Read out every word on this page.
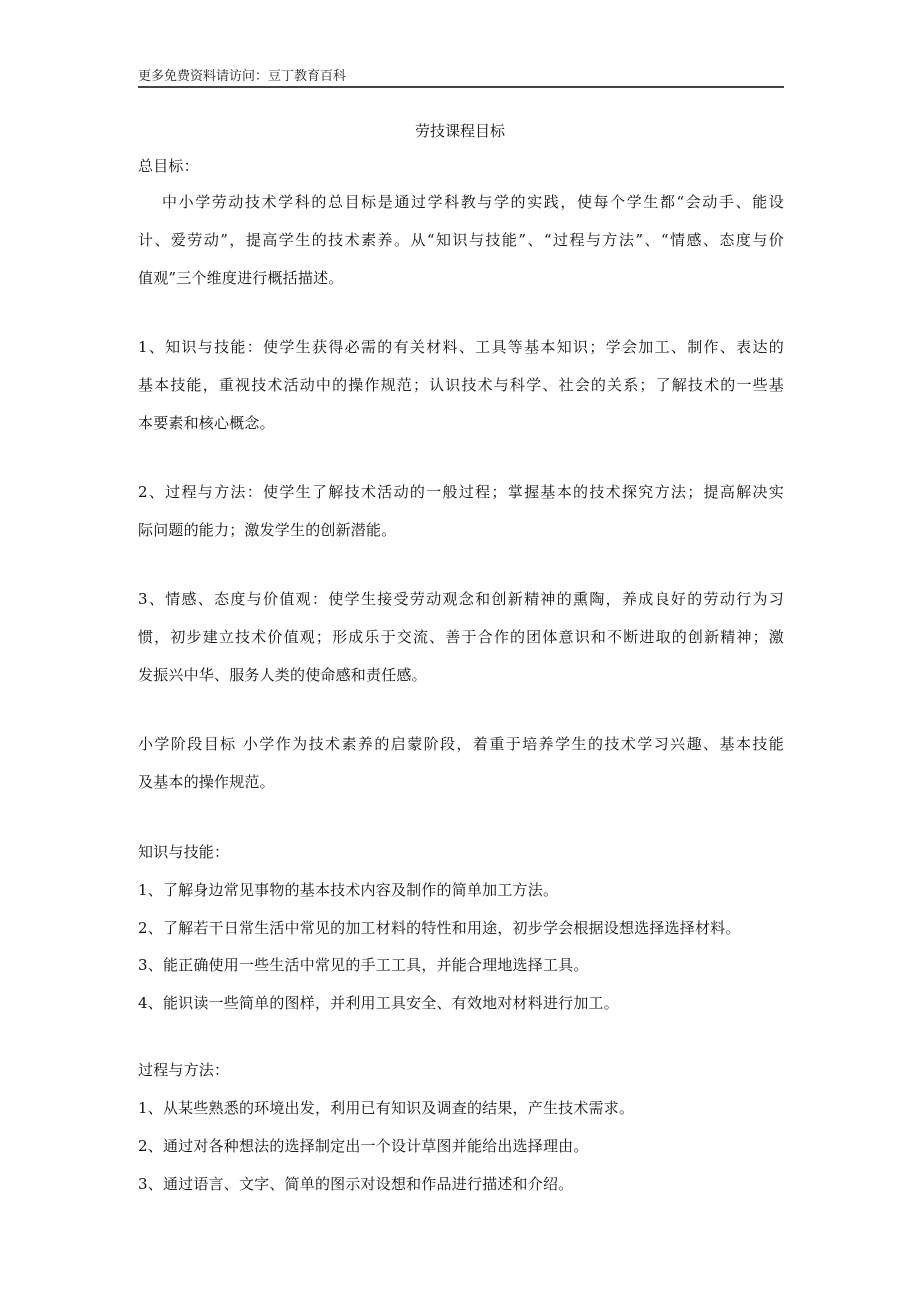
更多免费资料请访问：豆丁教育百科
劳技课程目标
总目标：
中小学劳动技术学科的总目标是通过学科教与学的实践，使每个学生都“会动手、能设
计、爱劳动”，提高学生的技术素养。从“知识与技能”、“过程与方法”、“情感、态度与价
值观”三个维度进行概括描述。
1、知识与技能：使学生获得必需的有关材料、工具等基本知识；学会加工、制作、表达的
基本技能，重视技术活动中的操作规范；认识技术与科学、社会的关系；了解技术的一些基
本要素和核心概念。
2、过程与方法：使学生了解技术活动的一般过程；掌握基本的技术探究方法；提高解决实
际问题的能力；激发学生的创新潜能。
3、情感、态度与价值观：使学生接受劳动观念和创新精神的熏陶，养成良好的劳动行为习
惯，初步建立技术价值观；形成乐于交流、善于合作的团体意识和不断进取的创新精神；激
发振兴中华、服务人类的使命感和责任感。
小学阶段目标 小学作为技术素养的启蒙阶段，着重于培养学生的技术学习兴趣、基本技能
及基本的操作规范。
知识与技能：
1、了解身边常见事物的基本技术内容及制作的简单加工方法。
2、了解若干日常生活中常见的加工材料的特性和用途，初步学会根据设想选择选择材料。
3、能正确使用一些生活中常见的手工工具，并能合理地选择工具。
4、能识读一些简单的图样，并利用工具安全、有效地对材料进行加工。
过程与方法：
1、从某些熟悉的环境出发，利用已有知识及调查的结果，产生技术需求。
2、通过对各种想法的选择制定出一个设计草图并能给出选择理由。
3、通过语言、文字、简单的图示对设想和作品进行描述和介绍。
